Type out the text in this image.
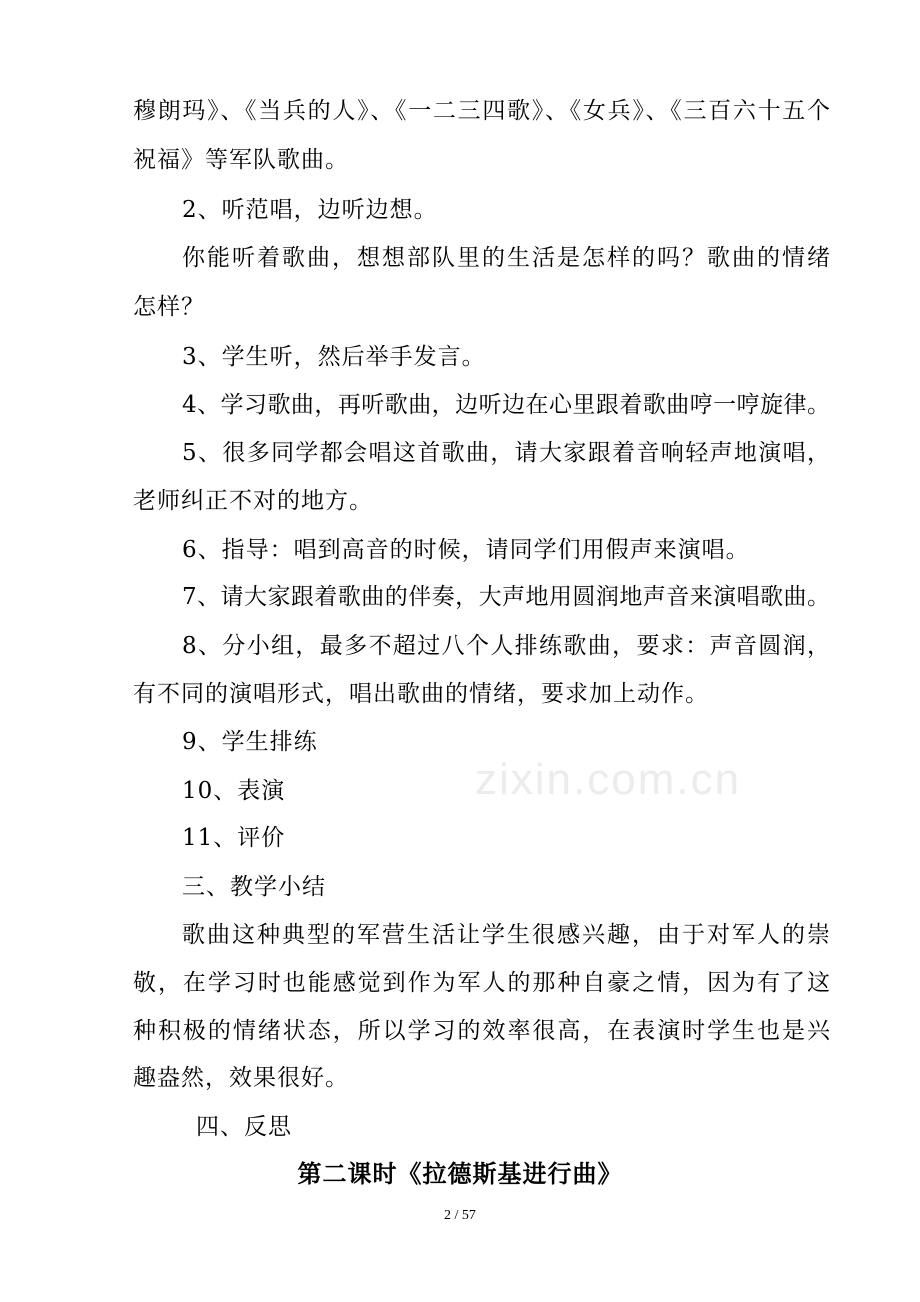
zixin.com.cn
穆朗玛》、《当兵的人》、《一二三四歌》、《女兵》、《三百六十五个
祝福》等军队歌曲。
2、听范唱，边听边想。
你能听着歌曲，想想部队里的生活是怎样的吗？歌曲的情绪
怎样？
3、学生听，然后举手发言。
4、学习歌曲，再听歌曲，边听边在心里跟着歌曲哼一哼旋律。
5、很多同学都会唱这首歌曲，请大家跟着音响轻声地演唱，
老师纠正不对的地方。
6、指导：唱到高音的时候，请同学们用假声来演唱。
7、请大家跟着歌曲的伴奏，大声地用圆润地声音来演唱歌曲。
8、分小组，最多不超过八个人排练歌曲，要求：声音圆润，
有不同的演唱形式，唱出歌曲的情绪，要求加上动作。
9、学生排练
10、表演
11、评价
三、教学小结
歌曲这种典型的军营生活让学生很感兴趣，由于对军人的崇
敬，在学习时也能感觉到作为军人的那种自豪之情，因为有了这
种积极的情绪状态，所以学习的效率很高，在表演时学生也是兴
趣盎然，效果很好。
四、反思
第二课时《拉德斯基进行曲》
2 / 57
